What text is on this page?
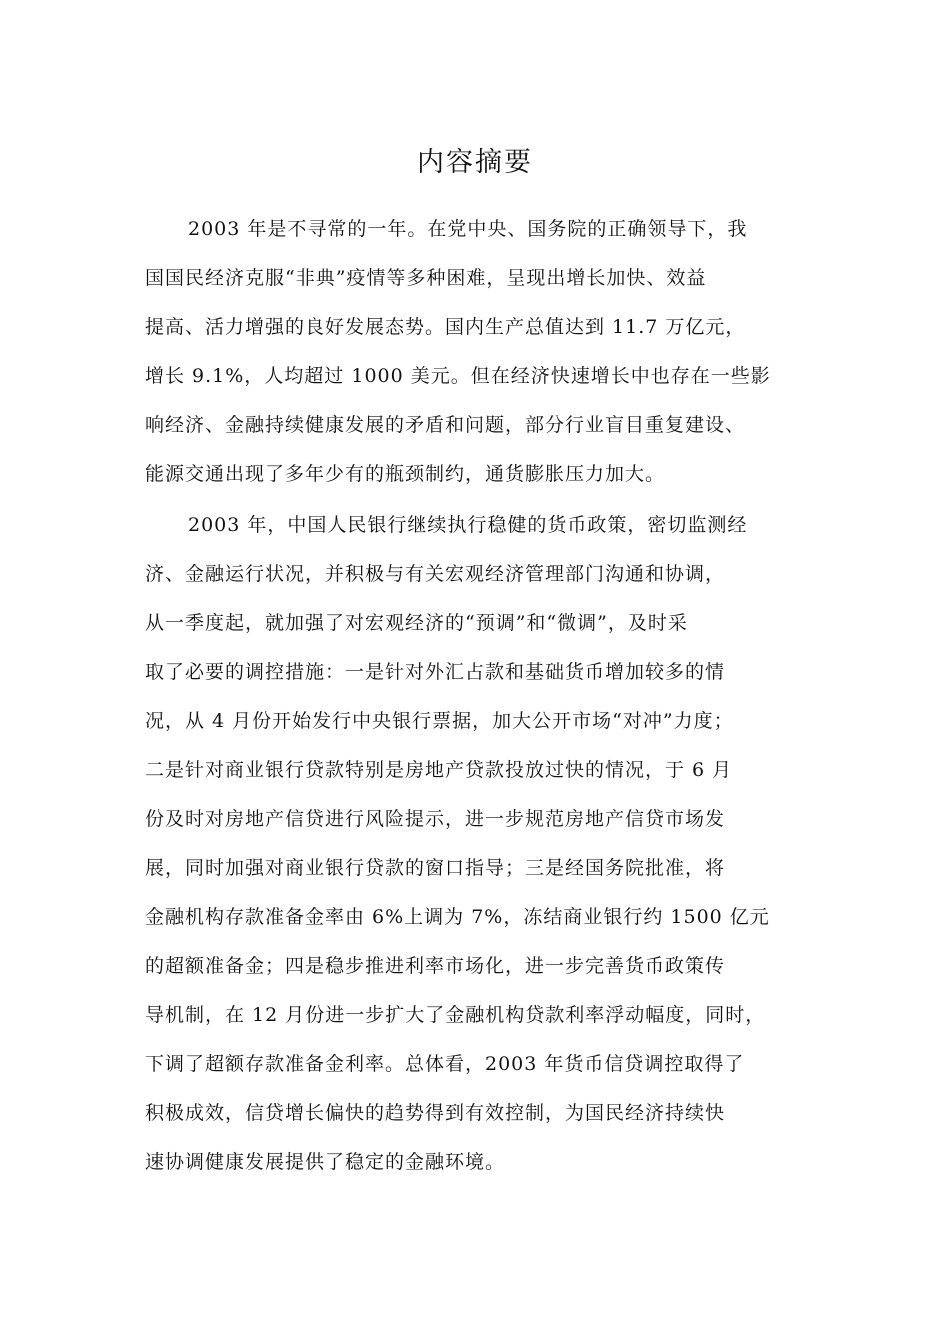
内容摘要
2003 年是不寻常的一年。在党中央、国务院的正确领导下，我
国国民经济克服“非典”疫情等多种困难，呈现出增长加快、效益
提高、活力增强的良好发展态势。国内生产总值达到 11.7 万亿元，
增长 9.1%，人均超过 1000 美元。但在经济快速增长中也存在一些影
响经济、金融持续健康发展的矛盾和问题，部分行业盲目重复建设、
能源交通出现了多年少有的瓶颈制约，通货膨胀压力加大。
2003 年，中国人民银行继续执行稳健的货币政策，密切监测经
济、金融运行状况，并积极与有关宏观经济管理部门沟通和协调，
从一季度起，就加强了对宏观经济的“预调”和“微调”，及时采
取了必要的调控措施：一是针对外汇占款和基础货币增加较多的情
况，从 4 月份开始发行中央银行票据，加大公开市场“对冲”力度；
二是针对商业银行贷款特别是房地产贷款投放过快的情况，于 6 月
份及时对房地产信贷进行风险提示，进一步规范房地产信贷市场发
展，同时加强对商业银行贷款的窗口指导；三是经国务院批准，将
金融机构存款准备金率由 6%上调为 7%，冻结商业银行约 1500 亿元
的超额准备金；四是稳步推进利率市场化，进一步完善货币政策传
导机制，在 12 月份进一步扩大了金融机构贷款利率浮动幅度，同时，
下调了超额存款准备金利率。总体看，2003 年货币信贷调控取得了
积极成效，信贷增长偏快的趋势得到有效控制，为国民经济持续快
速协调健康发展提供了稳定的金融环境。
